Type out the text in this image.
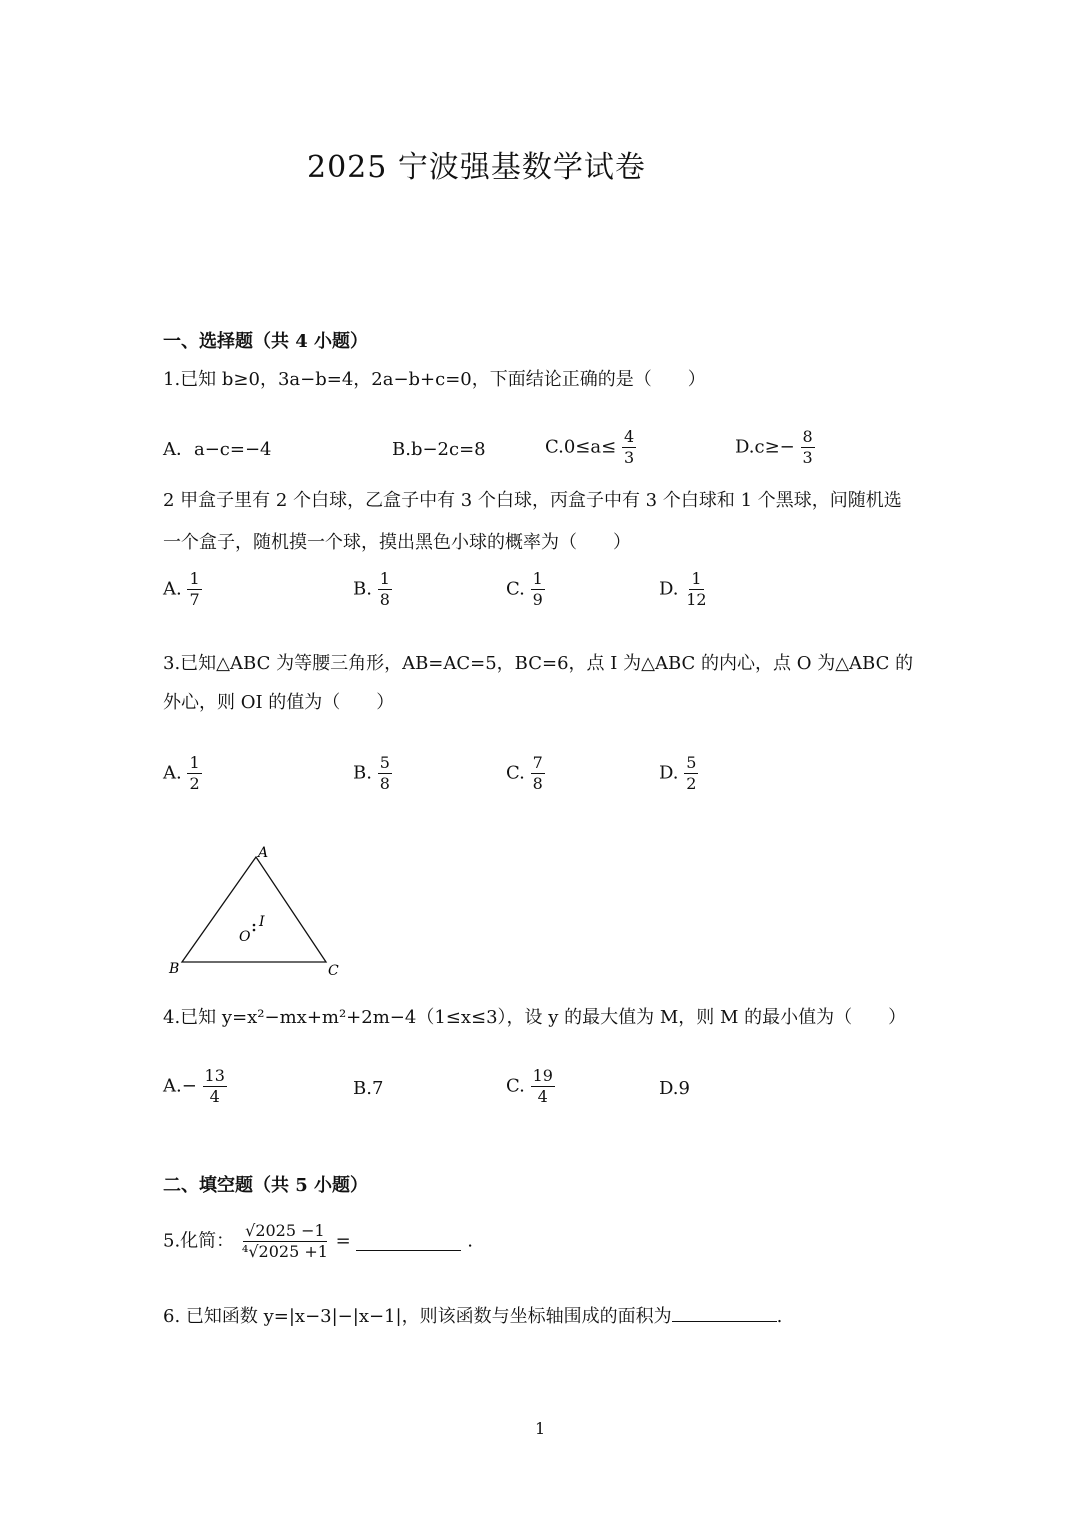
2025 宁波强基数学试卷
一、选择题（共 4 小题）
1.已知 b≥0，3a−b=4，2a−b+c=0，下面结论正确的是（　　）
A．a−c=−4	B.b−2c=8	$C.0\le a\le \frac{4}{3}$	$D.c\ge- \frac{8}{3}$
2 甲盒子里有 2 个白球，乙盒子中有 3 个白球，丙盒子中有 3 个白球和 1 个黑球，问随机选
一个盒子，随机摸一个球，摸出黑色小球的概率为（　　）
A. $\frac{1}{7}$	B. $\frac{1}{8}$	C. $\frac{1}{9}$	D. $\frac{1}{12}$
3.已知△ABC 为等腰三角形，AB=AC=5，BC=6，点 I 为△ABC 的内心，点 O 为△ABC 的
外心，则 OI 的值为（　　）
A. $\frac{1}{2}$	B. $\frac{5}{8}$	C. $\frac{7}{8}$	D. $\frac{5}{2}$
A
B	C
O
I
4.已知 y=x²−mx+m²+2m−4（1≤x≤3），设 y 的最大值为 M，则 M 的最小值为（　　）
$A.- \frac{13}{4}$	B.7	C. $\frac{19}{4}$	D.9
二、填空题（共 5 小题）
5.化简： $\frac{√2025 -1}{\text{⁴√2025 +1}}$ =	.
6. 已知函数 y=|x−3|−|x−1|，则该函数与坐标轴围成的面积为	.
1
